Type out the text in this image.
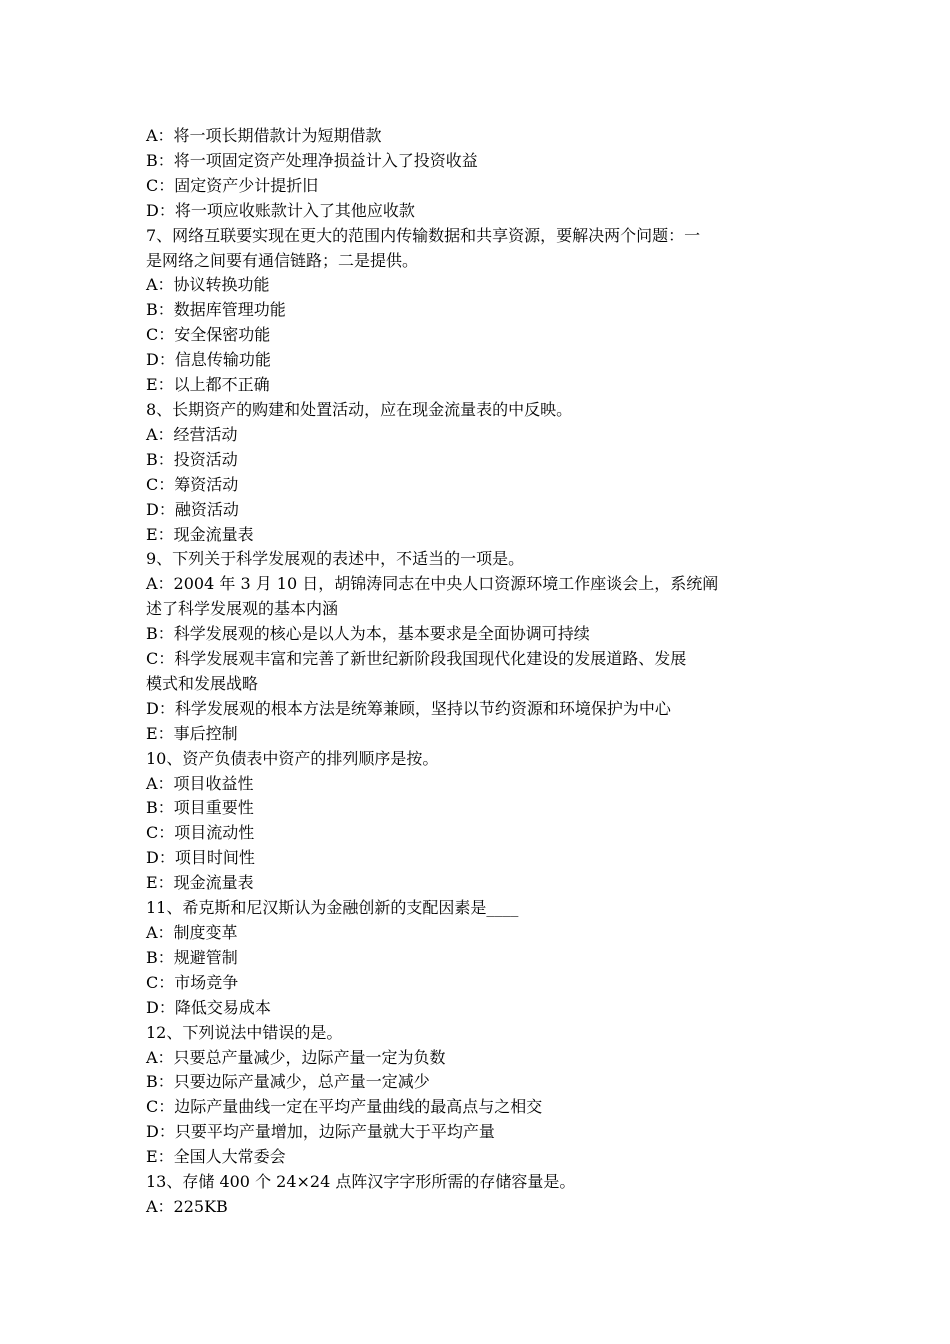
A：将一项长期借款计为短期借款
B：将一项固定资产处理净损益计入了投资收益
C：固定资产少计提折旧
D：将一项应收账款计入了其他应收款
7、网络互联要实现在更大的范围内传输数据和共享资源，要解决两个问题：一
是网络之间要有通信链路；二是提供。
A：协议转换功能
B：数据库管理功能
C：安全保密功能
D：信息传输功能
E：以上都不正确
8、长期资产的购建和处置活动，应在现金流量表的中反映。
A：经营活动
B：投资活动
C：筹资活动
D：融资活动
E：现金流量表
9、下列关于科学发展观的表述中，不适当的一项是。
A：2004 年 3 月 10 日，胡锦涛同志在中央人口资源环境工作座谈会上，系统阐
述了科学发展观的基本内涵
B：科学发展观的核心是以人为本，基本要求是全面协调可持续
C：科学发展观丰富和完善了新世纪新阶段我国现代化建设的发展道路、发展
模式和发展战略
D：科学发展观的根本方法是统筹兼顾，坚持以节约资源和环境保护为中心
E：事后控制
10、资产负债表中资产的排列顺序是按。
A：项目收益性
B：项目重要性
C：项目流动性
D：项目时间性
E：现金流量表
11、希克斯和尼汉斯认为金融创新的支配因素是____
A：制度变革
B：规避管制
C：市场竞争
D：降低交易成本
12、下列说法中错误的是。
A：只要总产量减少，边际产量一定为负数
B：只要边际产量减少，总产量一定减少
C：边际产量曲线一定在平均产量曲线的最高点与之相交
D：只要平均产量增加，边际产量就大于平均产量
E：全国人大常委会
13、存储 400 个 24×24 点阵汉字字形所需的存储容量是。
A：225KB
